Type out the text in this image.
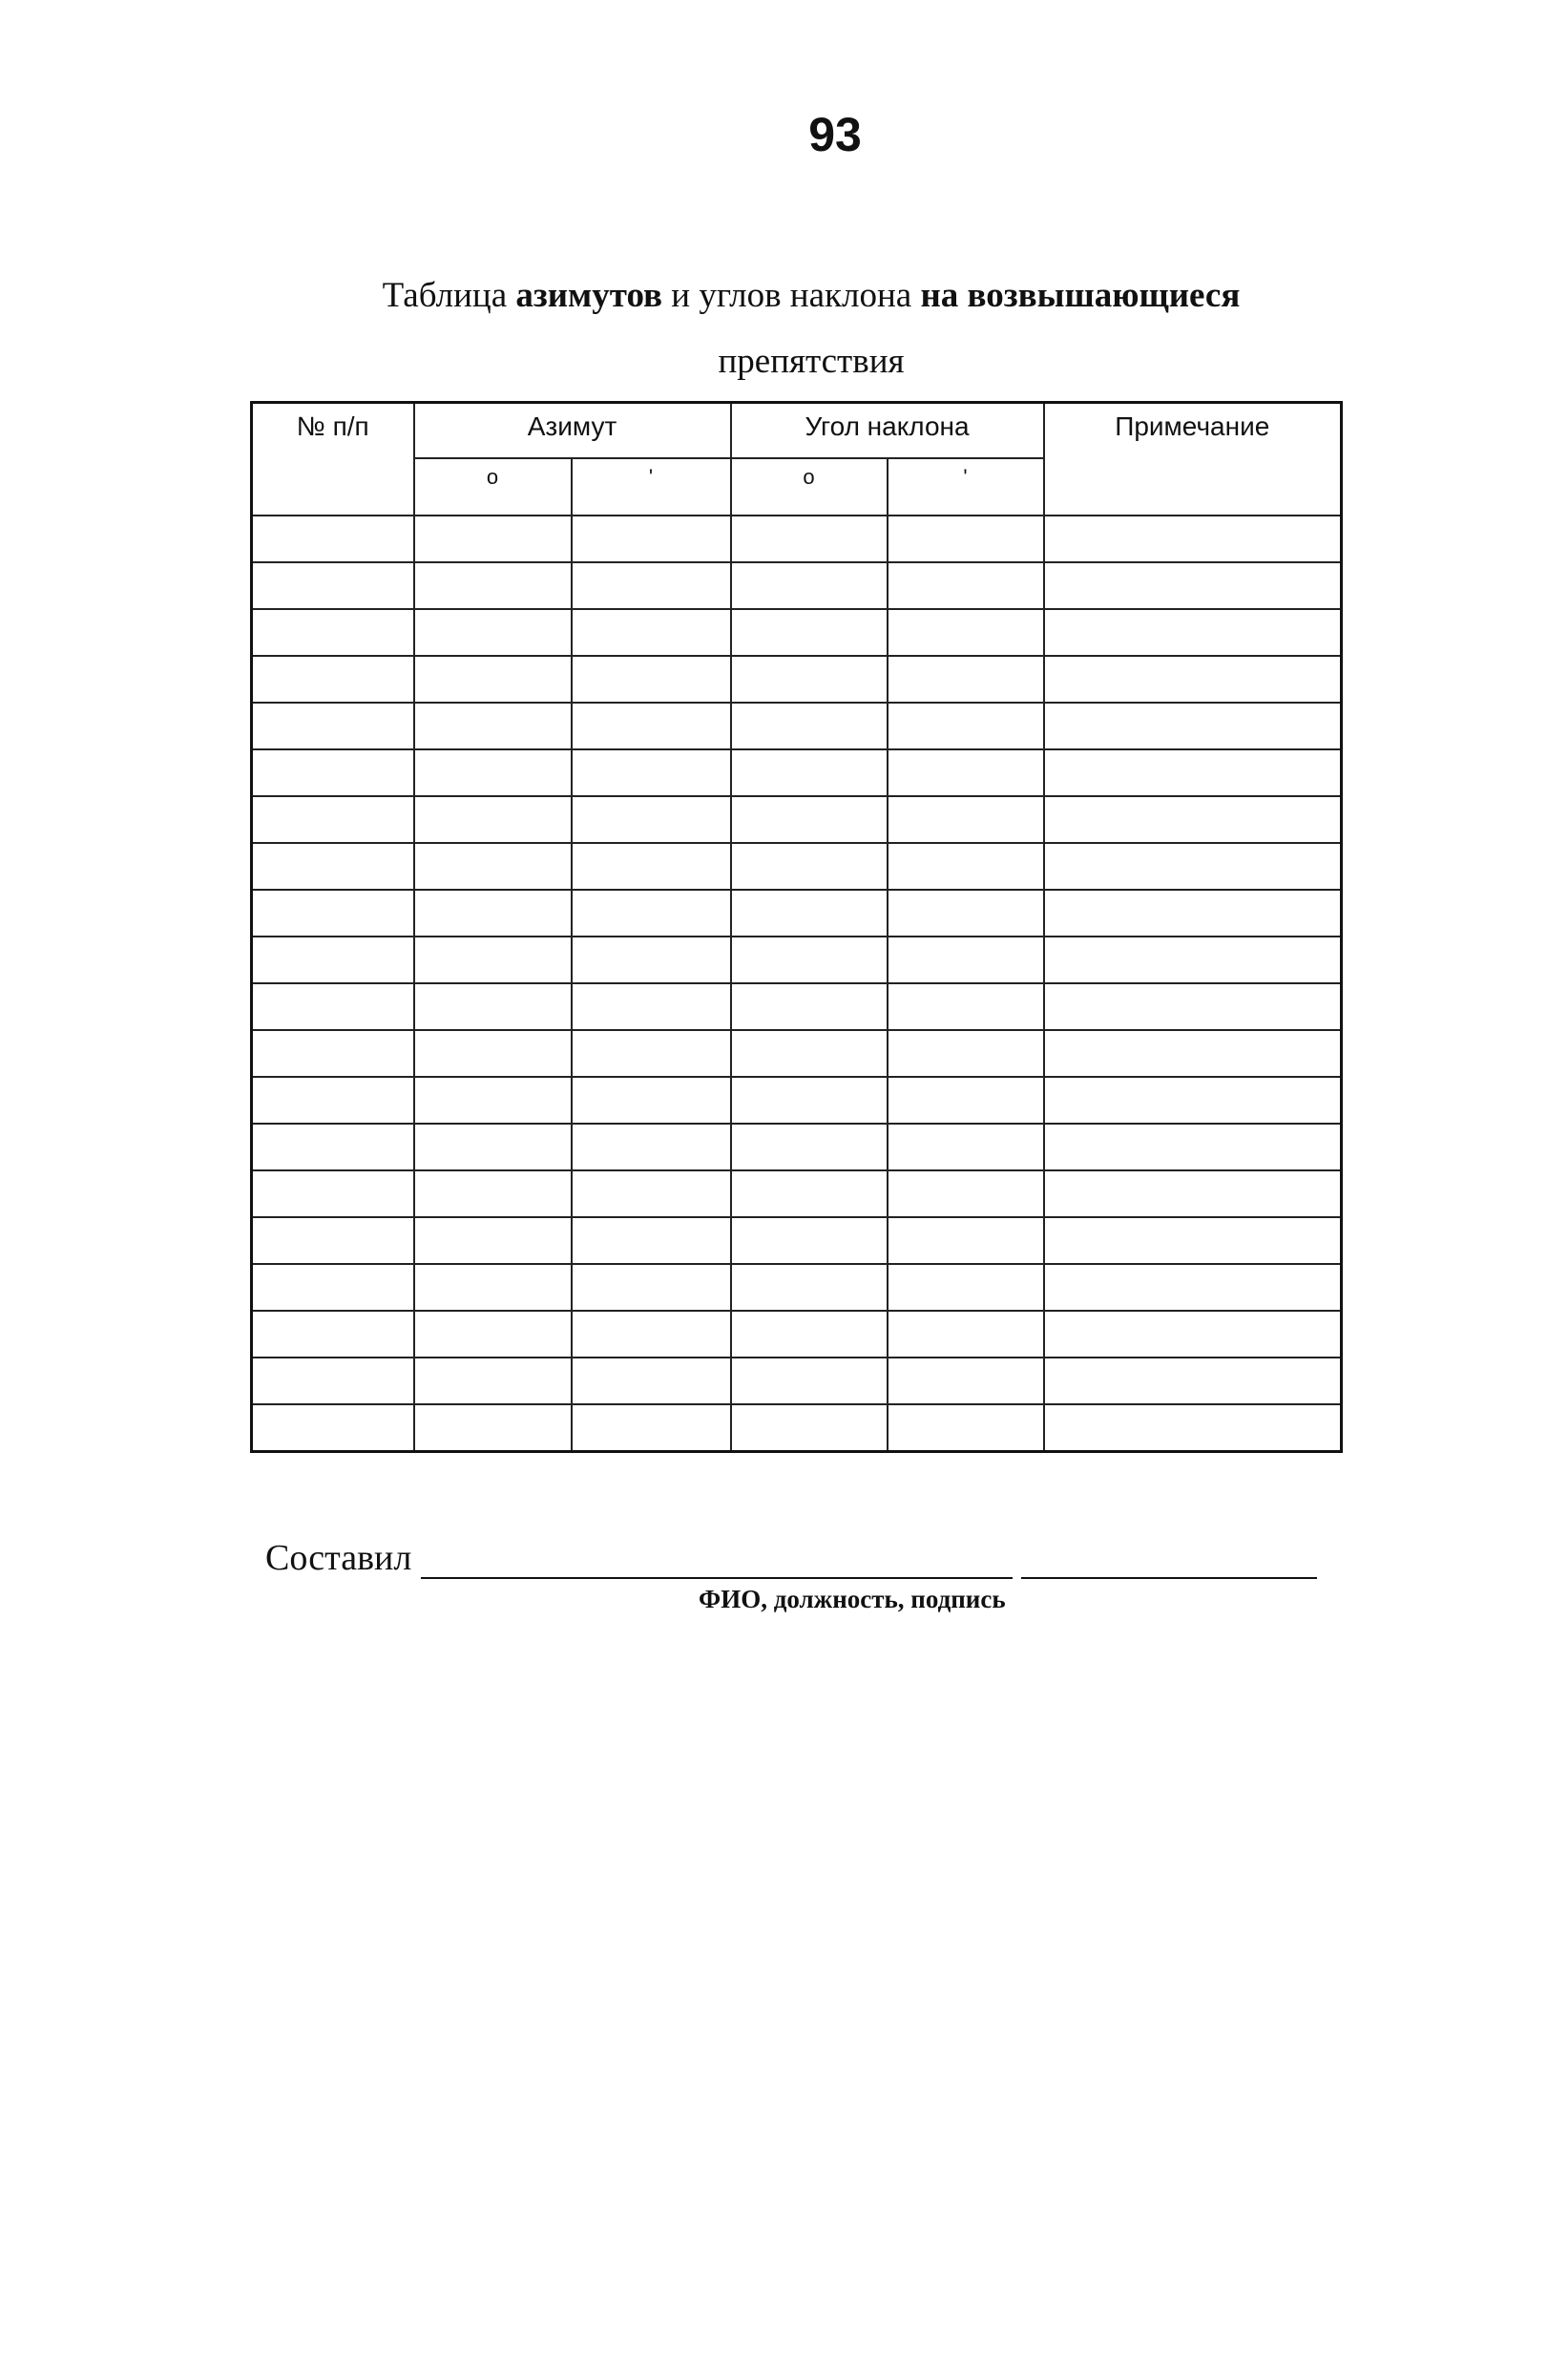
93
Таблица азимутов и углов наклона на возвышающиеся
препятствия
№ п/п	Азимут		Угол наклона		Примечание
	о	'	о	'	

Составил
ФИО, должность, подпись
